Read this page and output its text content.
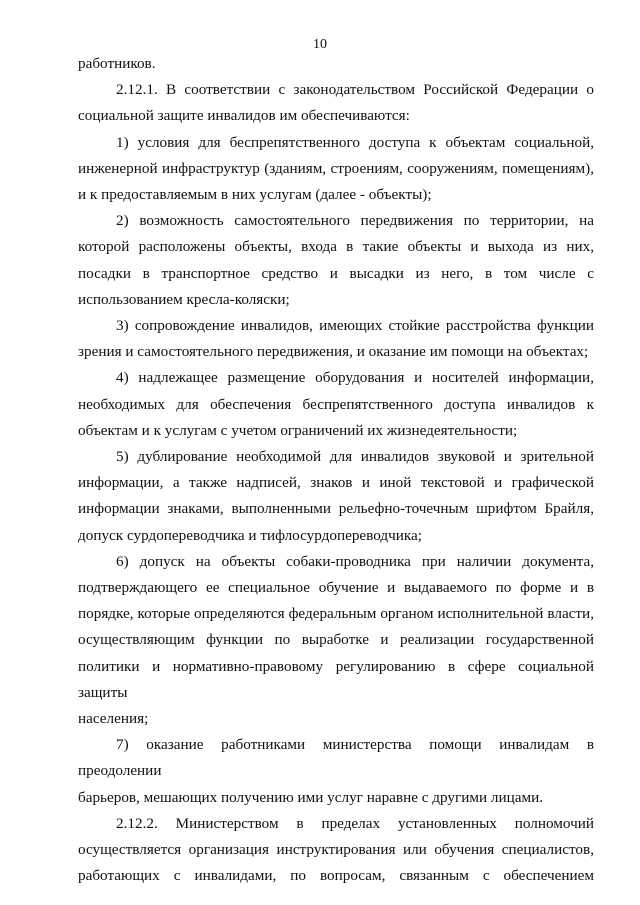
10

работников.

2.12.1. В соответствии с законодательством Российской Федерации о

социальной защите инвалидов им обеспечиваются:

1) условия для беспрепятственного доступа к объектам социальной,

инженерной инфраструктур (зданиям, строениям, сооружениям, помещениям),

и к предоставляемым в них услугам (далее - объекты);

2) возможность самостоятельного передвижения по территории, на

которой расположены объекты, входа в такие объекты и выхода из них,

посадки в транспортное средство и высадки из него, в том числе с

использованием кресла-коляски;

3) сопровождение инвалидов, имеющих стойкие расстройства функции

зрения и самостоятельного передвижения, и оказание им помощи на объектах;

4) надлежащее размещение оборудования и носителей информации,

необходимых для обеспечения беспрепятственного доступа инвалидов к

объектам и к услугам с учетом ограничений их жизнедеятельности;

5) дублирование необходимой для инвалидов звуковой и зрительной

информации, а также надписей, знаков и иной текстовой и графической

информации знаками, выполненными рельефно-точечным шрифтом Брайля,

допуск сурдопереводчика и тифлосурдопереводчика;

6) допуск на объекты собаки-проводника при наличии документа,

подтверждающего ее специальное обучение и выдаваемого по форме и в

порядке, которые определяются федеральным органом исполнительной власти,

осуществляющим функции по выработке и реализации государственной

политики и нормативно-правовому регулированию в сфере социальной защиты

населения;

7) оказание работниками министерства помощи инвалидам в преодолении

барьеров, мешающих получению ими услуг наравне с другими лицами.

2.12.2. Министерством в пределах установленных полномочий

осуществляется организация инструктирования или обучения специалистов,

работающих с инвалидами, по вопросам, связанным с обеспечением
